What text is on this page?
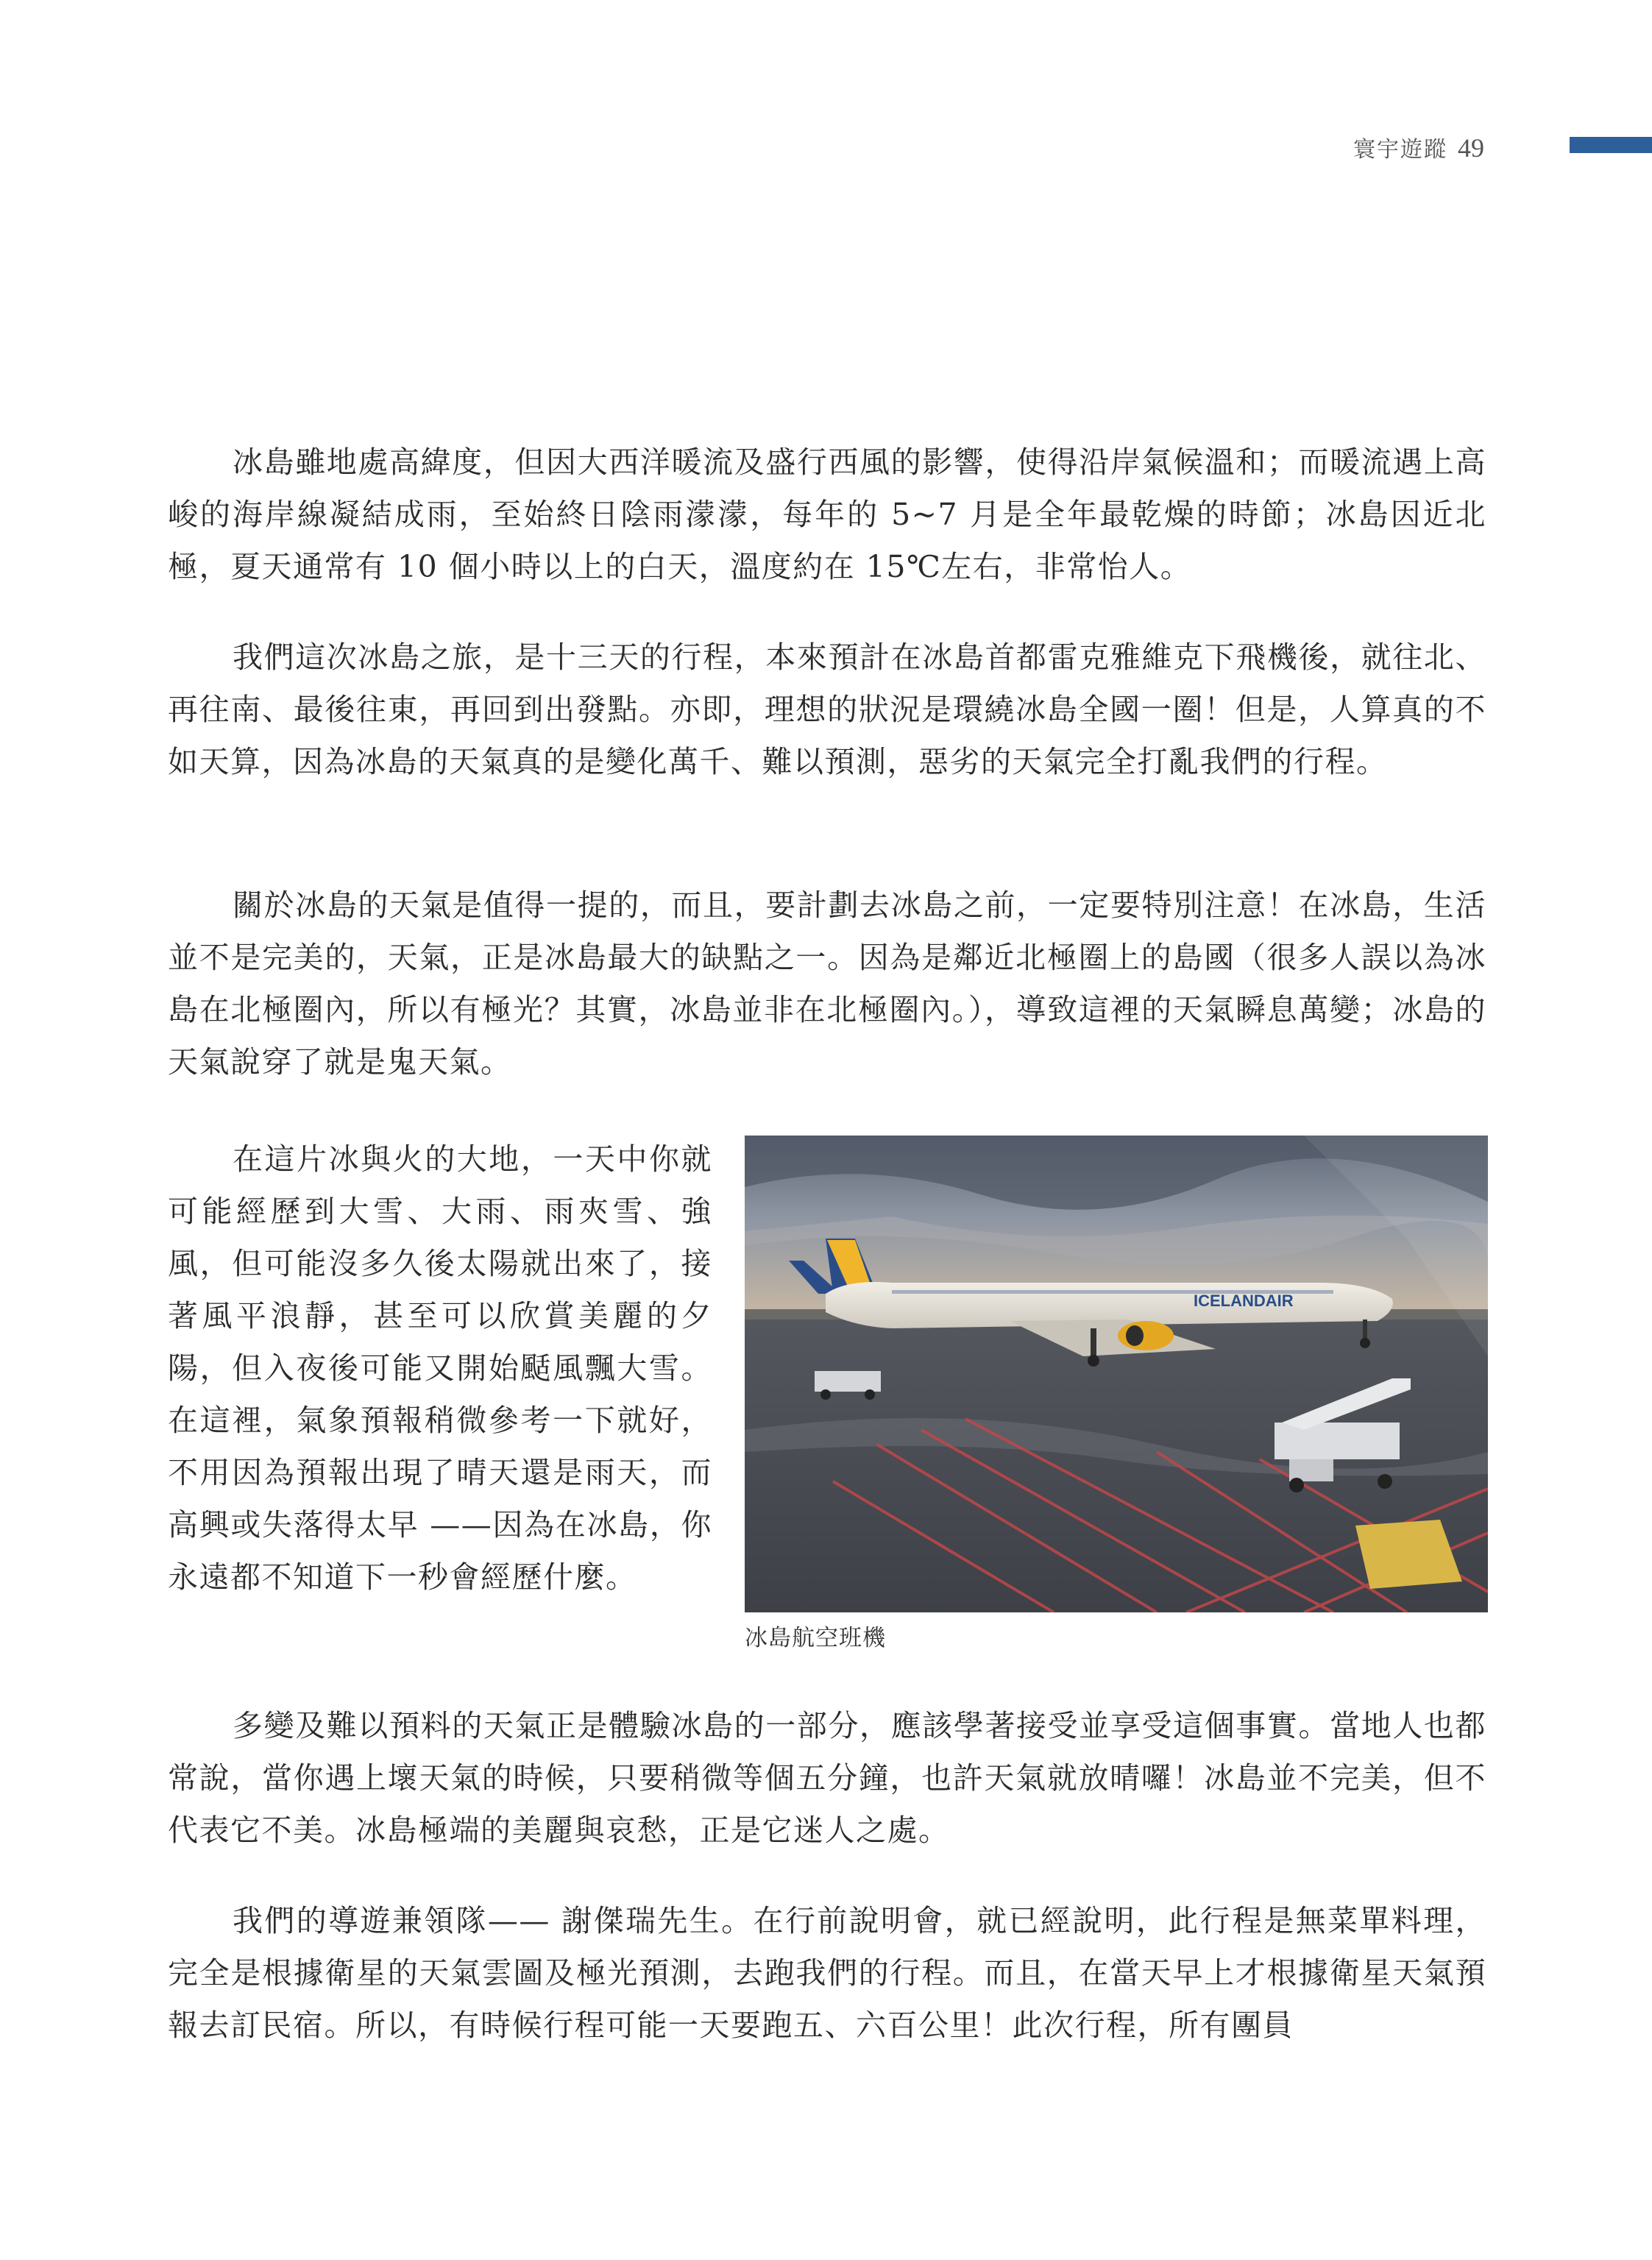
寰宇遊蹤 49

冰島雖地處高緯度，但因大西洋暖流及盛行西風的影響，使得沿岸氣候溫和；而暖流遇上高峻的海岸線凝結成雨，至始終日陰雨濛濛，每年的 5~7 月是全年最乾燥的時節；冰島因近北極，夏天通常有 10 個小時以上的白天，溫度約在 15℃左右，非常怡人。

我們這次冰島之旅，是十三天的行程，本來預計在冰島首都雷克雅維克下飛機後，就往北、再往南、最後往東，再回到出發點。亦即，理想的狀況是環繞冰島全國一圈！但是，人算真的不如天算，因為冰島的天氣真的是變化萬千、難以預測，惡劣的天氣完全打亂我們的行程。

關於冰島的天氣是值得一提的，而且，要計劃去冰島之前，一定要特別注意！在冰島，生活並不是完美的，天氣，正是冰島最大的缺點之一。因為是鄰近北極圈上的島國（很多人誤以為冰島在北極圈內，所以有極光？其實，冰島並非在北極圈內。），導致這裡的天氣瞬息萬變；冰島的天氣說穿了就是鬼天氣。

在這片冰與火的大地，一天中你就可能經歷到大雪、大雨、雨夾雪、強風，但可能沒多久後太陽就出來了，接著風平浪靜，甚至可以欣賞美麗的夕陽，但入夜後可能又開始颳風飄大雪。在這裡，氣象預報稍微參考一下就好，不用因為預報出現了晴天還是雨天，而高興或失落得太早 ——因為在冰島，你永遠都不知道下一秒會經歷什麼。

ICELANDAIR
冰島航空班機

多變及難以預料的天氣正是體驗冰島的一部分，應該學著接受並享受這個事實。當地人也都常說，當你遇上壞天氣的時候，只要稍微等個五分鐘，也許天氣就放晴囉！冰島並不完美，但不代表它不美。冰島極端的美麗與哀愁，正是它迷人之處。

我們的導遊兼領隊—— 謝傑瑞先生。在行前說明會，就已經說明，此行程是無菜單料理，完全是根據衛星的天氣雲圖及極光預測，去跑我們的行程。而且，在當天早上才根據衛星天氣預報去訂民宿。所以，有時候行程可能一天要跑五、六百公里！此次行程，所有團員
